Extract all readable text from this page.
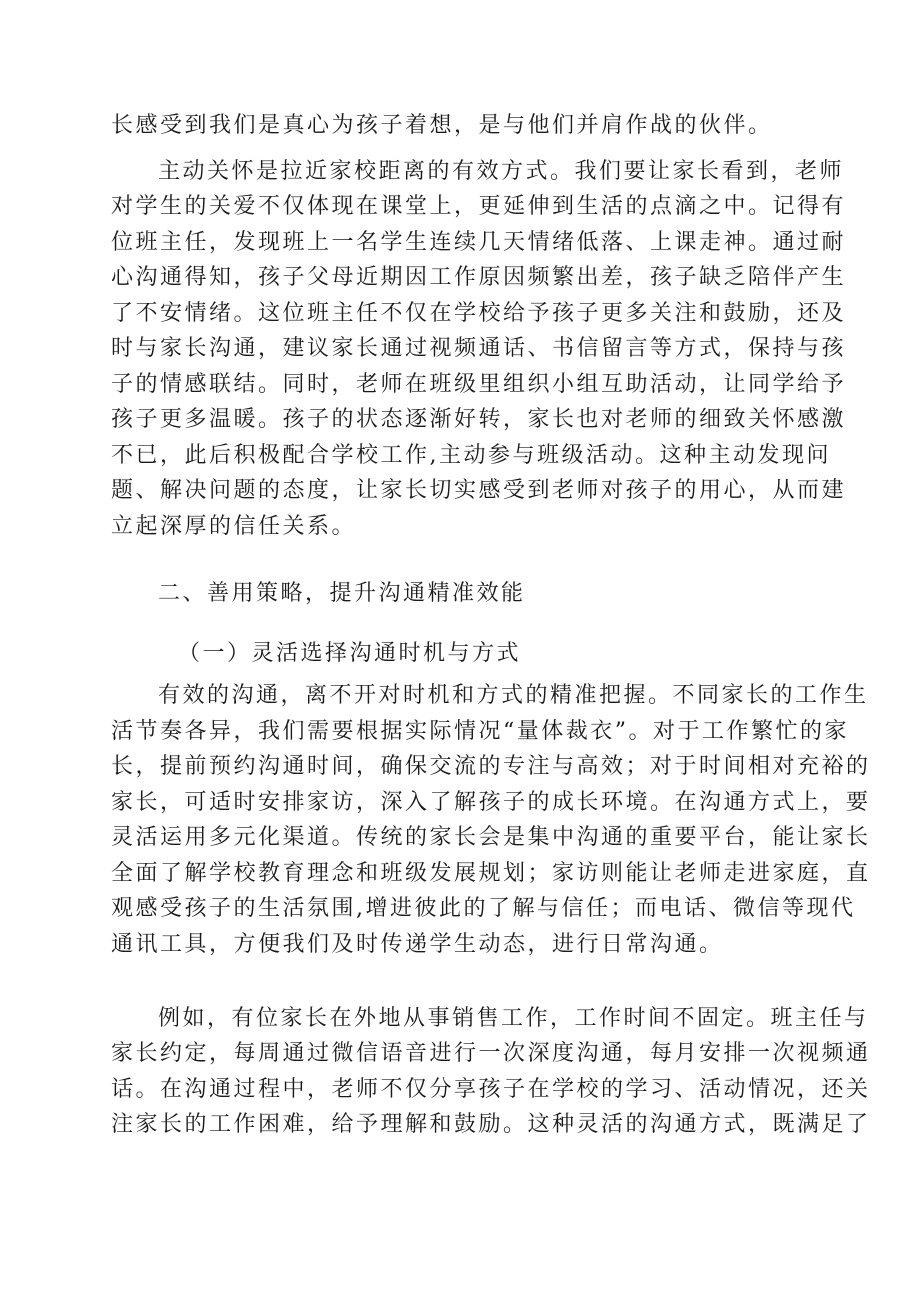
长感受到我们是真心为孩子着想，是与他们并肩作战的伙伴。
主动关怀是拉近家校距离的有效方式。我们要让家长看到，老师
对学生的关爱不仅体现在课堂上，更延伸到生活的点滴之中。记得有
位班主任，发现班上一名学生连续几天情绪低落、上课走神。通过耐
心沟通得知，孩子父母近期因工作原因频繁出差，孩子缺乏陪伴产生
了不安情绪。这位班主任不仅在学校给予孩子更多关注和鼓励，还及
时与家长沟通，建议家长通过视频通话、书信留言等方式，保持与孩
子的情感联结。同时，老师在班级里组织小组互助活动，让同学给予
孩子更多温暖。孩子的状态逐渐好转，家长也对老师的细致关怀感激
不已，此后积极配合学校工作,主动参与班级活动。这种主动发现问
题、解决问题的态度，让家长切实感受到老师对孩子的用心，从而建
立起深厚的信任关系。
二、善用策略，提升沟通精准效能
（一）灵活选择沟通时机与方式
有效的沟通，离不开对时机和方式的精准把握。不同家长的工作生
活节奏各异，我们需要根据实际情况“量体裁衣”。对于工作繁忙的家
长，提前预约沟通时间，确保交流的专注与高效；对于时间相对充裕的
家长，可适时安排家访，深入了解孩子的成长环境。在沟通方式上，要
灵活运用多元化渠道。传统的家长会是集中沟通的重要平台，能让家长
全面了解学校教育理念和班级发展规划；家访则能让老师走进家庭，直
观感受孩子的生活氛围,增进彼此的了解与信任；而电话、微信等现代
通讯工具，方便我们及时传递学生动态，进行日常沟通。
例如，有位家长在外地从事销售工作，工作时间不固定。班主任与
家长约定，每周通过微信语音进行一次深度沟通，每月安排一次视频通
话。在沟通过程中，老师不仅分享孩子在学校的学习、活动情况，还关
注家长的工作困难，给予理解和鼓励。这种灵活的沟通方式，既满足了
